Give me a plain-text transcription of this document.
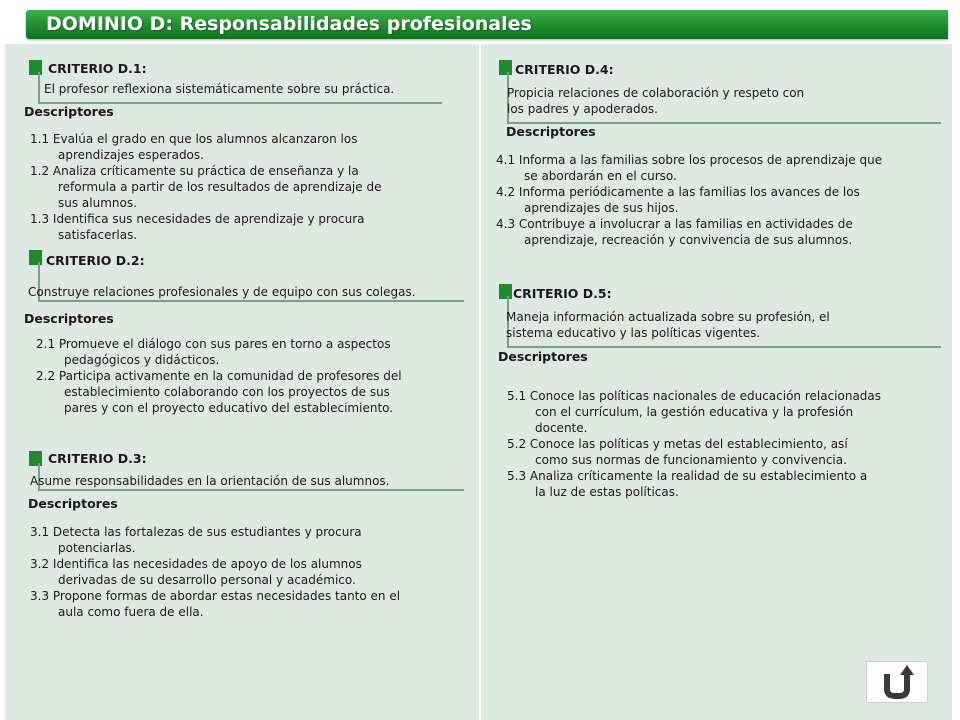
DOMINIO D: Responsabilidades profesionales
CRITERIO D.1:
El profesor reflexiona sistemáticamente sobre su práctica.
Descriptores
1.1 Evalúa el grado en que los alumnos alcanzaron los
aprendizajes esperados.
1.2 Analiza críticamente su práctica de enseñanza y la
reformula a partir de los resultados de aprendizaje de
sus alumnos.
1.3 Identifica sus necesidades de aprendizaje y procura
satisfacerlas.
CRITERIO D.2:
Construye relaciones profesionales y de equipo con sus colegas.
Descriptores
2.1 Promueve el diálogo con sus pares en torno a aspectos
pedagógicos y didácticos.
2.2 Participa activamente en la comunidad de profesores del
establecimiento colaborando con los proyectos de sus
pares y con el proyecto educativo del establecimiento.
CRITERIO D.3:
Asume responsabilidades en la orientación de sus alumnos.
Descriptores
3.1 Detecta las fortalezas de sus estudiantes y procura
potenciarlas.
3.2 Identifica las necesidades de apoyo de los alumnos
derivadas de su desarrollo personal y académico.
3.3 Propone formas de abordar estas necesidades tanto en el
aula como fuera de ella.
CRITERIO D.4:
Propicia relaciones de colaboración y respeto con
los padres y apoderados.
Descriptores
4.1 Informa a las familias sobre los procesos de aprendizaje que
se abordarán en el curso.
4.2 Informa periódicamente a las familias los avances de los
aprendizajes de sus hijos.
4.3 Contribuye a involucrar a las familias en actividades de
aprendizaje, recreación y convivencia de sus alumnos.
CRITERIO D.5:
Maneja información actualizada sobre su profesión, el
sistema educativo y las políticas vigentes.
Descriptores
5.1 Conoce las políticas nacionales de educación relacionadas
con el currículum, la gestión educativa y la profesión
docente.
5.2 Conoce las políticas y metas del establecimiento, así
como sus normas de funcionamiento y convivencia.
5.3 Analiza críticamente la realidad de su establecimiento a
la luz de estas políticas.
